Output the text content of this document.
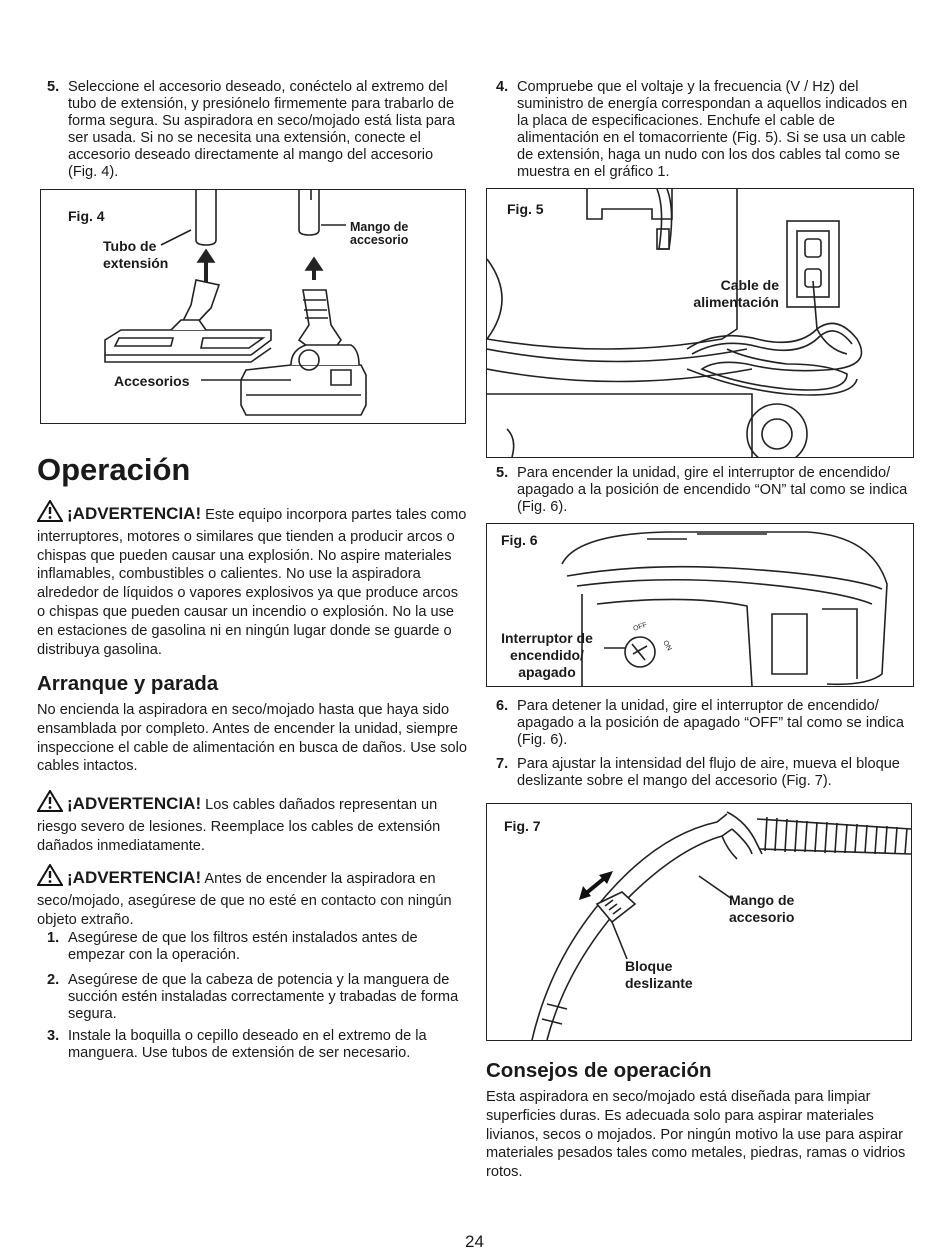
5. Seleccione el accesorio deseado, conéctelo al extremo del tubo de extensión, y presiónelo firmemente para trabarlo de forma segura. Su aspiradora en seco/mojado está lista para ser usada. Si no se necesita una extensión, conecte el accesorio deseado directamente al mango del accesorio (Fig. 4).
Fig. 4
Tubo de extensión
Mango de accesorio
Accesorios
Operación

¡ADVERTENCIA! Este equipo incorpora partes tales como interruptores, motores o similares que tienden a producir arcos o chispas que pueden causar una explosión. No aspire materiales inflamables, combustibles o calientes. No use la aspiradora alrededor de líquidos o vapores explosivos ya que produce arcos o chispas que pueden causar un incendio o explosión. No la use en estaciones de gasolina ni en ningún lugar donde se guarde o distribuya gasolina.

Arranque y parada

No encienda la aspiradora en seco/mojado hasta que haya sido ensamblada por completo. Antes de encender la unidad, siempre inspeccione el cable de alimentación en busca de daños. Use solo cables intactos.

¡ADVERTENCIA! Los cables dañados representan un riesgo severo de lesiones. Reemplace los cables de extensión dañados inmediatamente.

¡ADVERTENCIA! Antes de encender la aspiradora en seco/mojado, asegúrese de que no esté en contacto con ningún objeto extraño.

1. Asegúrese de que los filtros estén instalados antes de empezar con la operación.
2. Asegúrese de que la cabeza de potencia y la manguera de succión estén instaladas correctamente y trabadas de forma segura.
3. Instale la boquilla o cepillo deseado en el extremo de la manguera. Use tubos de extensión de ser necesario.
4. Compruebe que el voltaje y la frecuencia (V / Hz) del suministro de energía correspondan a aquellos indicados en la placa de especificaciones. Enchufe el cable de alimentación en el tomacorriente (Fig. 5). Si se usa un cable de extensión, haga un nudo con los dos cables tal como se muestra en el gráfico 1.
Fig. 5
Cable de alimentación
5. Para encender la unidad, gire el interruptor de encendido/ apagado a la posición de encendido “ON” tal como se indica (Fig. 6).
OFF
ON
Fig. 6
Interruptor de encendido/ apagado
6. Para detener la unidad, gire el interruptor de encendido/ apagado a la posición de apagado “OFF” tal como se indica (Fig. 6).
7. Para ajustar la intensidad del flujo de aire, mueva el bloque deslizante sobre el mango del accesorio (Fig. 7).
Fig. 7
Mango de accesorio
Bloque deslizante
Consejos de operación

Esta aspiradora en seco/mojado está diseñada para limpiar superficies duras. Es adecuada solo para aspirar materiales livianos, secos o mojados. Por ningún motivo la use para aspirar materiales pesados tales como metales, piedras, ramas o vidrios rotos.

24
